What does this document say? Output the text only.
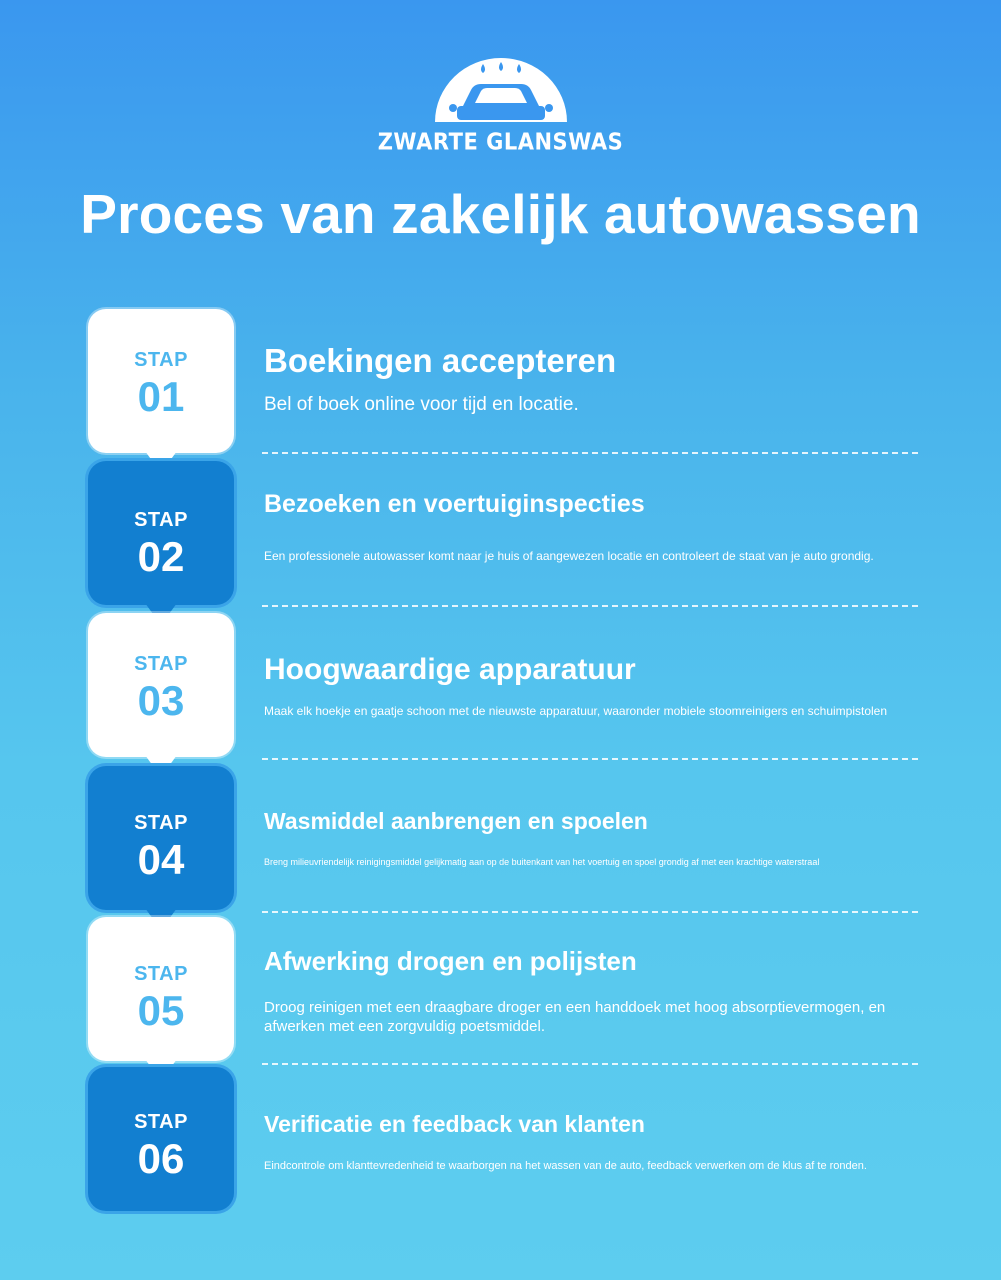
ZWARTE GLANSWAS
Proces van zakelijk autowassen
STAP
01
Boekingen accepteren

Bel of boek online voor tijd en locatie.

STAP
02
Bezoeken en voertuiginspecties

Een professionele autowasser komt naar je huis of aangewezen locatie en controleert de staat van je auto grondig.

STAP
03
Hoogwaardige apparatuur

Maak elk hoekje en gaatje schoon met de nieuwste apparatuur, waaronder mobiele stoomreinigers en schuimpistolen

STAP
04
Wasmiddel aanbrengen en spoelen

Breng milieuvriendelijk reinigingsmiddel gelijkmatig aan op de buitenkant van het voertuig en spoel grondig af met een krachtige waterstraal

STAP
05
Afwerking drogen en polijsten

Droog reinigen met een draagbare droger en een handdoek met hoog absorptievermogen, en afwerken met een zorgvuldig poetsmiddel.

STAP
06
Verificatie en feedback van klanten

Eindcontrole om klanttevredenheid te waarborgen na het wassen van de auto, feedback verwerken om de klus af te ronden.
